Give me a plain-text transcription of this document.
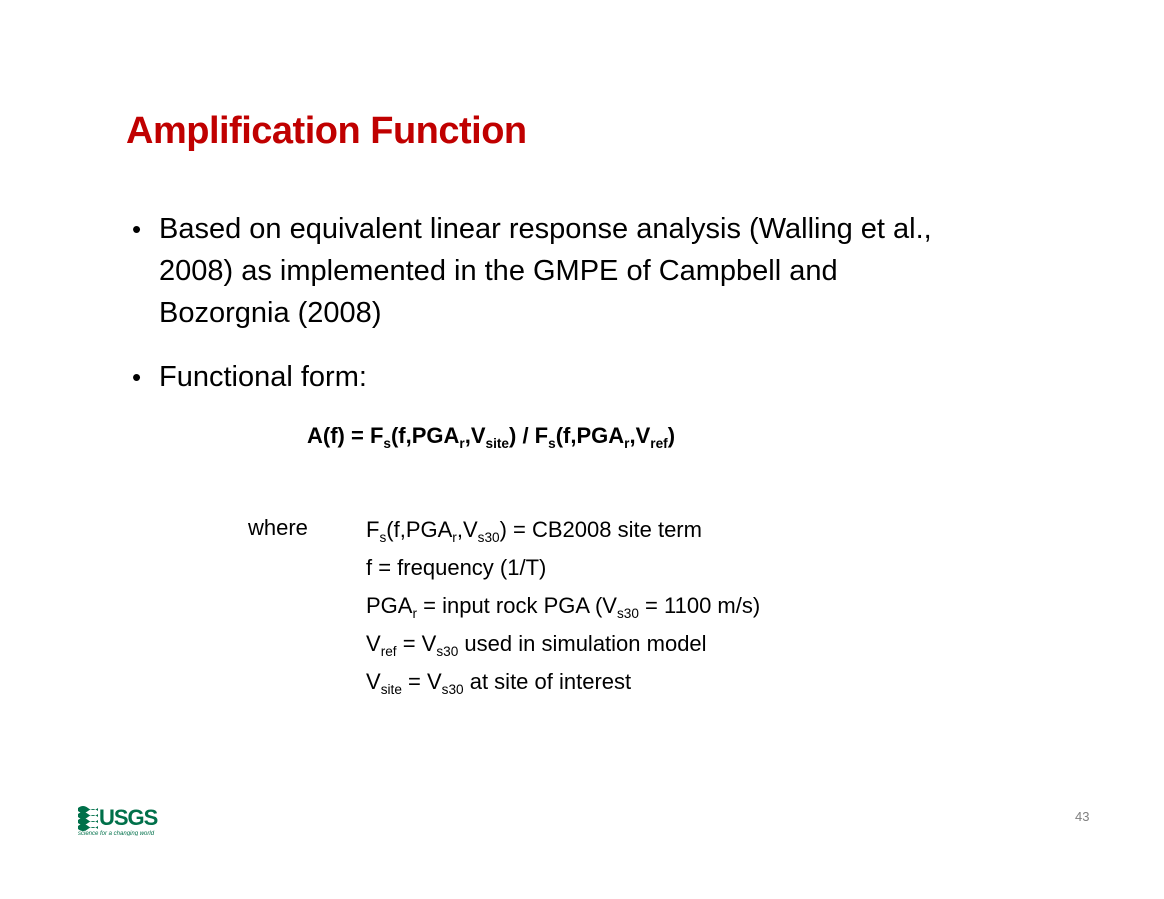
Amplification Function
• Based on equivalent linear response analysis (Walling et al.,
2008) as implemented in the GMPE of Campbell and
Bozorgnia (2008)
• Functional form:
$A(f) = F_s(f,PGA_r,V_{site}) / F_s(f,PGA_r,V_{ref})$
where	$F_s(f,PGA_r,V_{s30}) = CB2008$ site term
f = frequency (1/T)
$PGA_r$ = input rock PGA ($V_{s30} = 1100$ m/s)
$V_{ref} = V_{s30}$ used in simulation model
$V_{site} = V_{s30}$ at site of interest
USGS
science for a changing world
43
